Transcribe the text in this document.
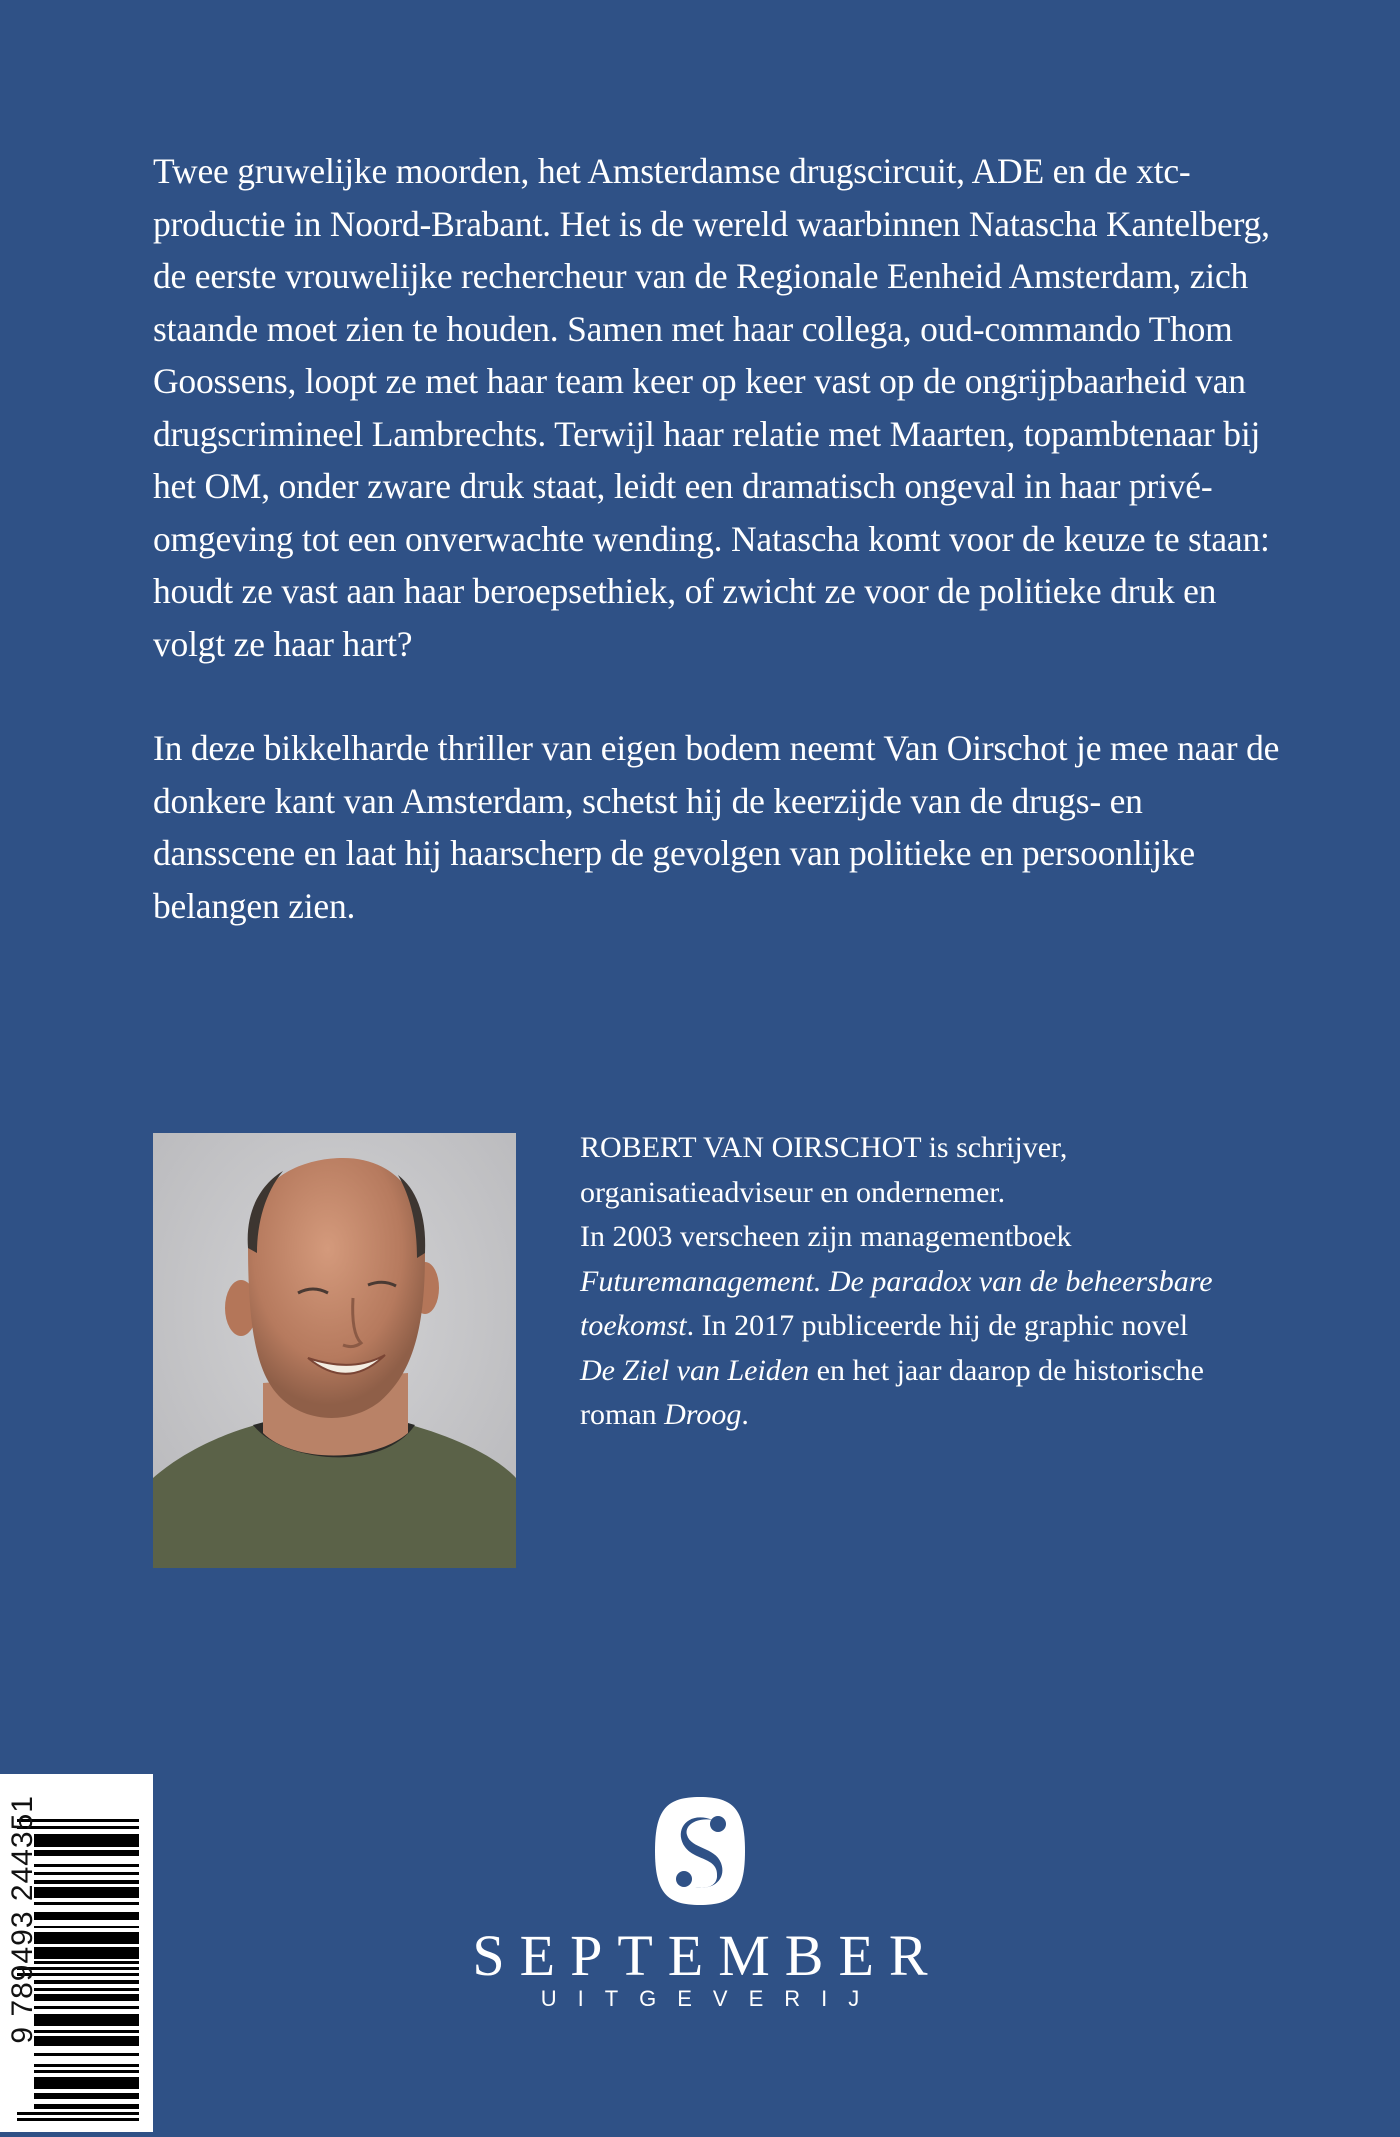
Twee gruwelijke moorden, het Amsterdamse drugscircuit, ADE en de xtc-productie in Noord-Brabant. Het is de wereld waarbinnen Natascha Kantelberg, de eerste vrouwelijke rechercheur van de Regionale Eenheid Amsterdam, zich staande moet zien te houden. Samen met haar collega, oud-commando Thom Goossens, loopt ze met haar team keer op keer vast op de ongrijpbaarheid van drugscrimineel Lambrechts. Terwijl haar relatie met Maarten, topambtenaar bij het OM, onder zware druk staat, leidt een dramatisch ongeval in haar privé-omgeving tot een onverwachte wending. Natascha komt voor de keuze te staan: houdt ze vast aan haar beroepsethiek, of zwicht ze voor de politieke druk en volgt ze haar hart?

In deze bikkelharde thriller van eigen bodem neemt Van Oirschot je mee naar de donkere kant van Amsterdam, schetst hij de keerzijde van de drugs- en dansscene en laat hij haarscherp de gevolgen van politieke en persoonlijke belangen zien.

ROBERT VAN OIRSCHOT is schrijver, organisatieadviseur en ondernemer.
In 2003 verscheen zijn managementboek Futuremanagement. De paradox van de beheersbare toekomst. In 2017 publiceerde hij de graphic novel De Ziel van Leiden en het jaar daarop de historische roman Droog.

9 789493 244351	SEPTEMBER
UITGEVERIJ
